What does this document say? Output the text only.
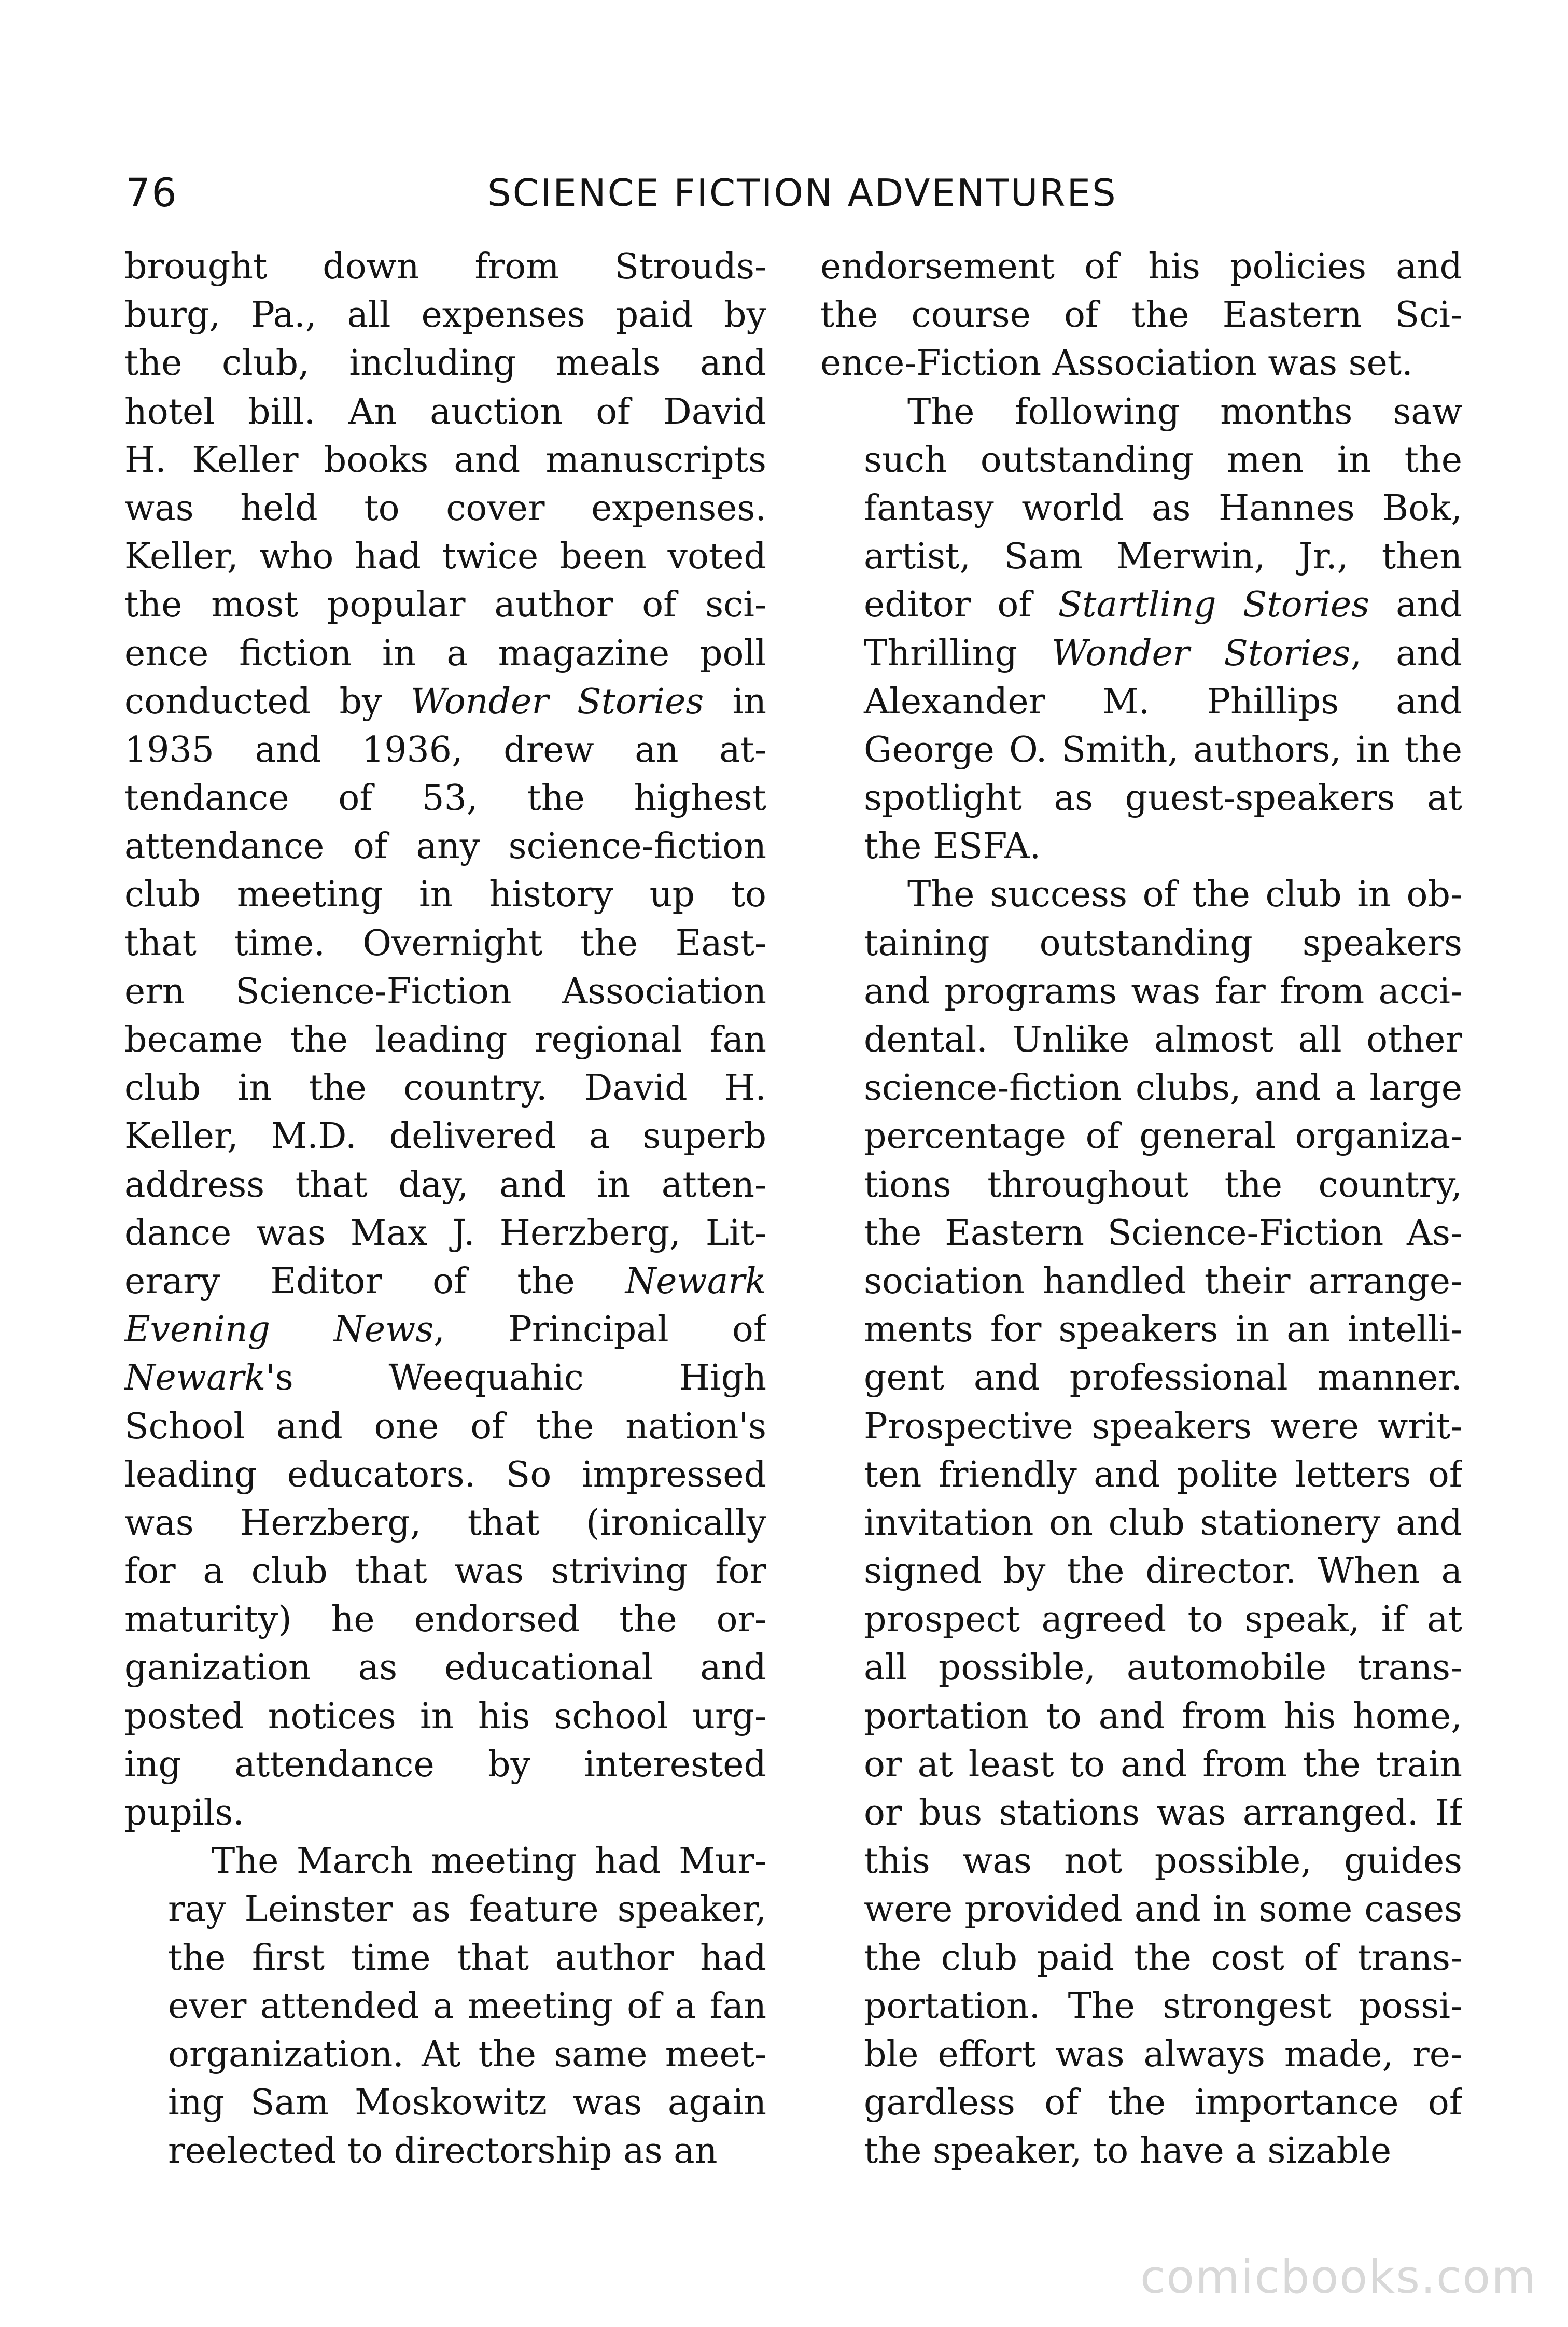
76	SCIENCE FICTION ADVENTURES

brought down from Strouds-
burg, Pa., all expenses paid by
the club, including meals and
hotel bill. An auction of David
H. Keller books and manuscripts
was held to cover expenses.
Keller, who had twice been voted
the most popular author of sci-
ence fiction in a magazine poll
conducted by Wonder Stories in
1935 and 1936, drew an at-
tendance of 53, the highest
attendance of any science-fiction
club meeting in history up to
that time. Overnight the East-
ern Science-Fiction Association
became the leading regional fan
club in the country. David H.
Keller, M.D. delivered a superb
address that day, and in atten-
dance was Max J. Herzberg, Lit-
erary Editor of the Newark
Evening News, Principal of
Newark's Weequahic High
School and one of the nation's
leading educators. So impressed
was Herzberg, that (ironically
for a club that was striving for
maturity) he endorsed the or-
ganization as educational and
posted notices in his school urg-
ing attendance by interested
pupils.

The March meeting had Mur-
ray Leinster as feature speaker,
the first time that author had
ever attended a meeting of a fan
organization. At the same meet-
ing Sam Moskowitz was again
reelected to directorship as an

endorsement of his policies and
the course of the Eastern Sci-
ence-Fiction Association was set.

The following months saw
such outstanding men in the
fantasy world as Hannes Bok,
artist, Sam Merwin, Jr., then
editor of Startling Stories and
Thrilling Wonder Stories, and
Alexander M. Phillips and
George O. Smith, authors, in the
spotlight as guest-speakers at
the ESFA.

The success of the club in ob-
taining outstanding speakers
and programs was far from acci-
dental. Unlike almost all other
science-fiction clubs, and a large
percentage of general organiza-
tions throughout the country,
the Eastern Science-Fiction As-
sociation handled their arrange-
ments for speakers in an intelli-
gent and professional manner.
Prospective speakers were writ-
ten friendly and polite letters of
invitation on club stationery and
signed by the director. When a
prospect agreed to speak, if at
all possible, automobile trans-
portation to and from his home,
or at least to and from the train
or bus stations was arranged. If
this was not possible, guides
were provided and in some cases
the club paid the cost of trans-
portation. The strongest possi-
ble effort was always made, re-
gardless of the importance of
the speaker, to have a sizable

comicbooks.com
